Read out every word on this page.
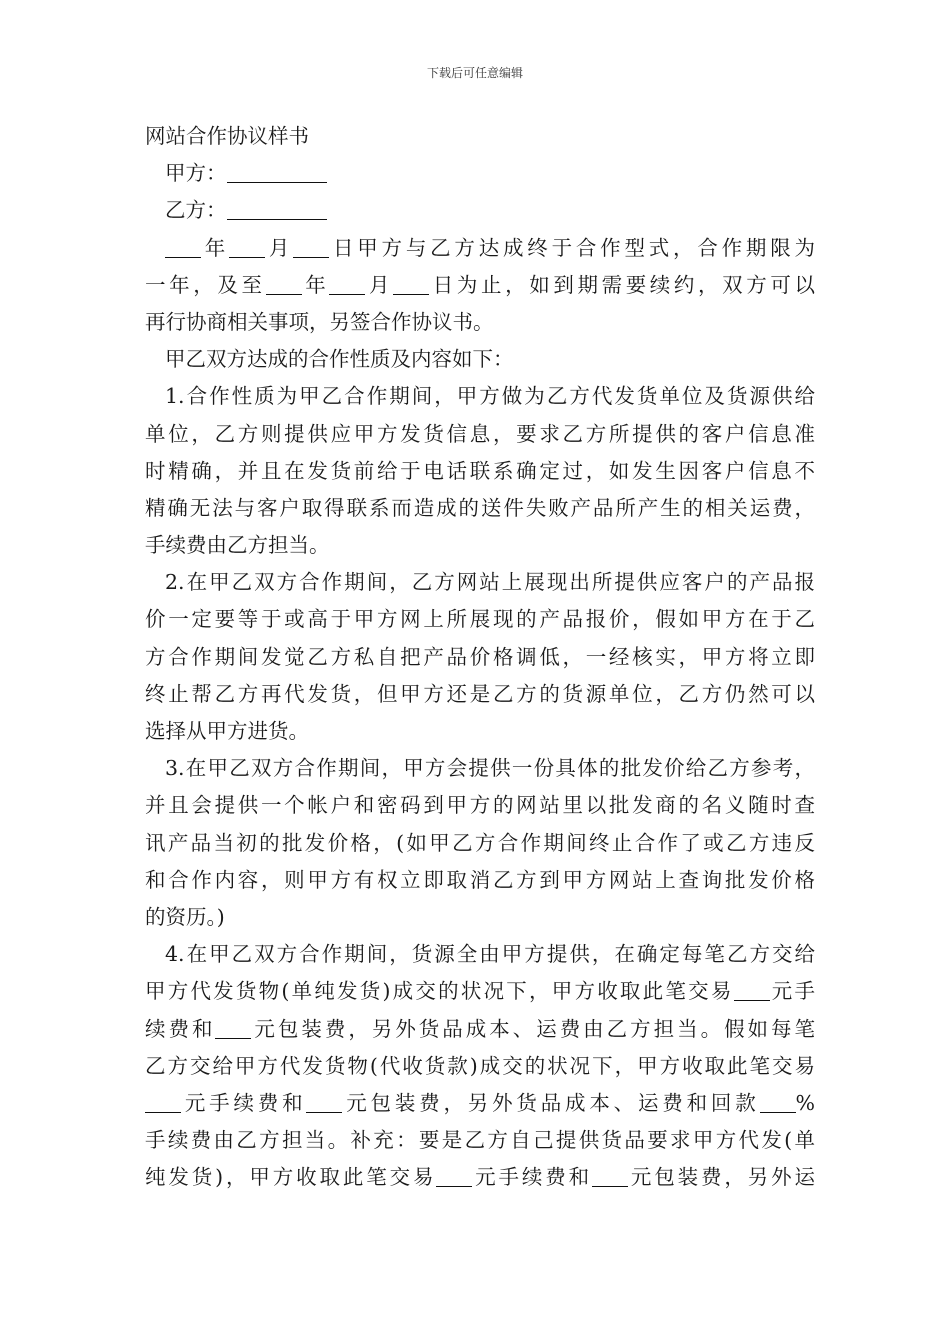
下载后可任意编辑
网站合作协议样书
甲方：
乙方：
年 月 日甲方与乙方达成终于合作型式，合作期限为
一年，及至 年 月 日为止，如到期需要续约，双方可以
再行协商相关事项，另签合作协议书。
甲乙双方达成的合作性质及内容如下：
1.合作性质为甲乙合作期间，甲方做为乙方代发货单位及货源供给
单位，乙方则提供应甲方发货信息，要求乙方所提供的客户信息准
时精确，并且在发货前给于电话联系确定过，如发生因客户信息不
精确无法与客户取得联系而造成的送件失败产品所产生的相关运费，
手续费由乙方担当。
2.在甲乙双方合作期间，乙方网站上展现出所提供应客户的产品报
价一定要等于或高于甲方网上所展现的产品报价，假如甲方在于乙
方合作期间发觉乙方私自把产品价格调低，一经核实，甲方将立即
终止帮乙方再代发货，但甲方还是乙方的货源单位，乙方仍然可以
选择从甲方进货。
3.在甲乙双方合作期间，甲方会提供一份具体的批发价给乙方参考，
并且会提供一个帐户和密码到甲方的网站里以批发商的名义随时查
讯产品当初的批发价格，(如甲乙方合作期间终止合作了或乙方违反
和合作内容，则甲方有权立即取消乙方到甲方网站上查询批发价格
的资历。)
4.在甲乙双方合作期间，货源全由甲方提供，在确定每笔乙方交给
甲方代发货物(单纯发货)成交的状况下，甲方收取此笔交易 元手
续费和 元包装费，另外货品成本、运费由乙方担当。假如每笔
乙方交给甲方代发货物(代收货款)成交的状况下，甲方收取此笔交易
元手续费和 元包装费，另外货品成本、运费和回款 %
手续费由乙方担当。补充：要是乙方自己提供货品要求甲方代发(单
纯发货)，甲方收取此笔交易 元手续费和 元包装费，另外运
